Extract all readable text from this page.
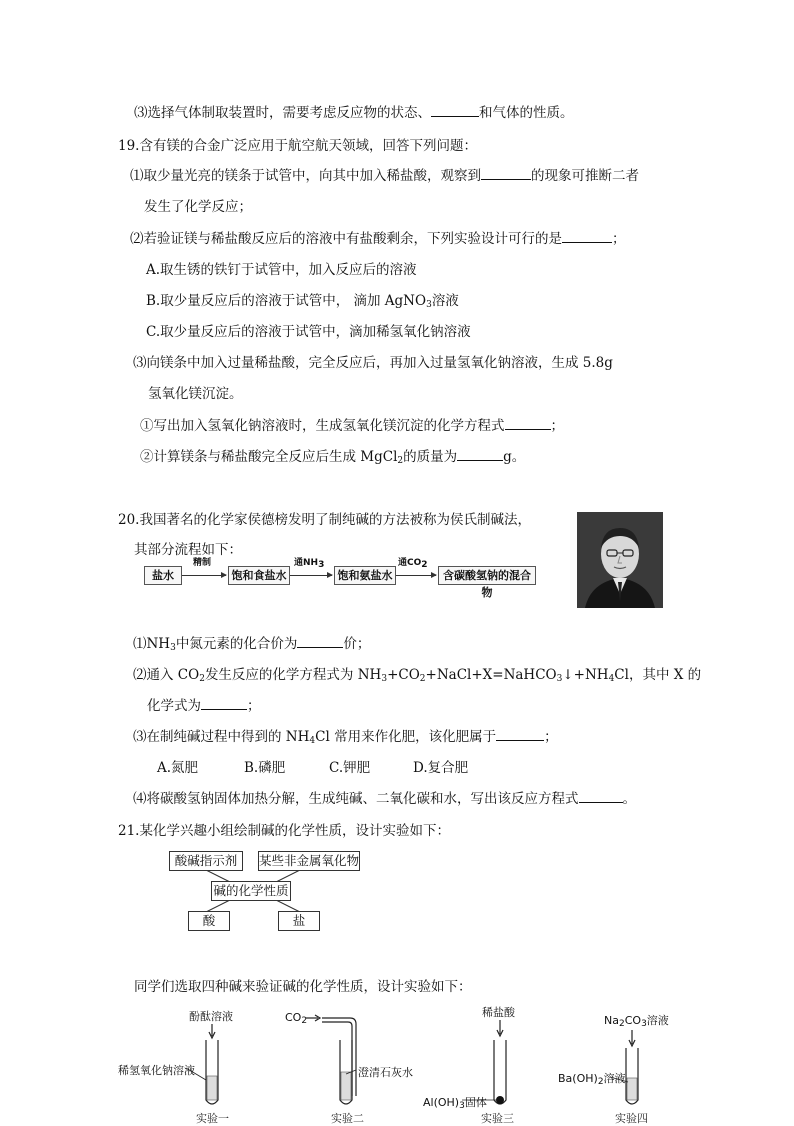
⑶选择气体制取装置时，需要考虑反应物的状态、	和气体的性质。
19.含有镁的合金广泛应用于航空航天领域，回答下列问题：
⑴取少量光亮的镁条于试管中，向其中加入稀盐酸，观察到	的现象可推断二者
发生了化学反应；
⑵若验证镁与稀盐酸反应后的溶液中有盐酸剩余，下列实验设计可行的是	；
A.取生锈的铁钉于试管中，加入反应后的溶液
B.取少量反应后的溶液于试管中， 滴加 AgNO$_3$溶液
C.取少量反应后的溶液于试管中，滴加稀氢氧化钠溶液
⑶向镁条中加入过量稀盐酸，完全反应后，再加入过量氢氧化钠溶液，生成 5.8g
氢氧化镁沉淀。
①写出加入氢氧化钠溶液时，生成氢氧化镁沉淀的化学方程式	；
②计算镁条与稀盐酸完全反应后生成 MgCl$_2$的质量为	g。
20.我国著名的化学家侯德榜发明了制纯碱的方法被称为侯氏制碱法，
其部分流程如下：
盐水
精制
饱和食盐水
通$NH_3$
饱和氨盐水
通$CO_2$
含碳酸氢钠的混合物
$⑴NH_3$中氮元素的化合价为	价；
⑵通入 $CO_2$发生反应的化学方程式为 $NH_3+CO_2+NaCl+X=NaHCO_3↓+NH_4Cl$，其中 X 的
化学式为	；
⑶在制纯碱过程中得到的 $NH_4Cl$ 常用来作化肥，该化肥属于	；
A.氮肥	B.磷肥	C.钾肥	D.复合肥
⑷将碳酸氢钠固体加热分解，生成纯碱、二氧化碳和水，写出该反应方程式	。
21.某化学兴趣小组绘制碱的化学性质，设计实验如下：
酸碱指示剂	某些非金属氧化物
碱的化学性质
酸	盐
同学们选取四种碱来验证碱的化学性质，设计实验如下：
酚酞溶液
稀氢氧化钠溶液
实验一
$CO_2$
澄清石灰水
实验二
稀盐酸
$Al(OH)_3$固体
实验三
$Na_2CO_3$溶液
$Ba(OH)_2$溶液
实验四
